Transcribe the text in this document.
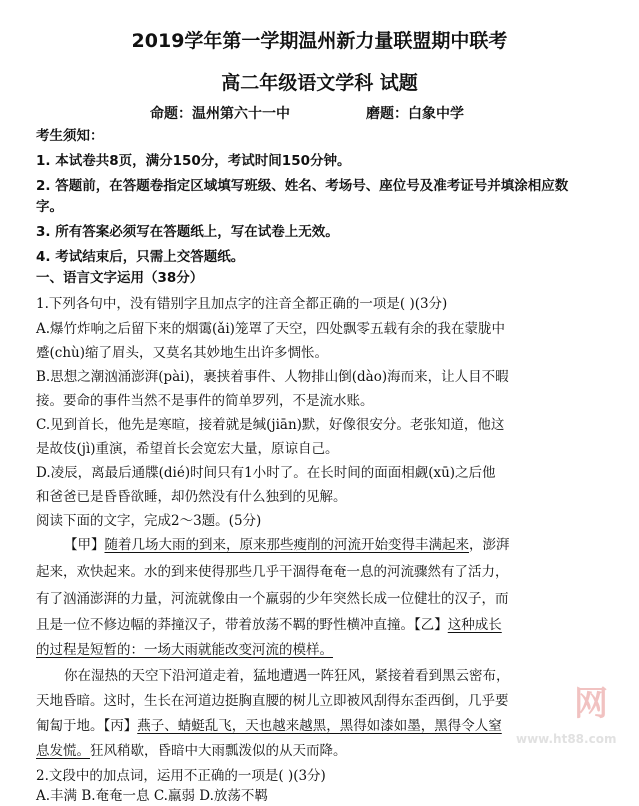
2019学年第一学期温州新力量联盟期中联考
高二年级语文学科 试题
命题：温州第六十一中	磨题：白象中学
考生须知：
1. 本试卷共8页，满分150分，考试时间150分钟。
2. 答题前，在答题卷指定区域填写班级、姓名、考场号、座位号及准考证号并填涂相应数
字。
3. 所有答案必须写在答题纸上，写在试卷上无效。
4. 考试结束后，只需上交答题纸。
一、语言文字运用（38分）
1.下列各句中，没有错别字且加点字的注音全都正确的一项是( )(3分)
A.爆竹炸响之后留下来的烟霭(ǎi)笼罩了天空，四处飘零五载有余的我在蒙胧中
蹙(chù)缩了眉头，又莫名其妙地生出许多惆怅。
B.思想之潮汹涌澎湃(pài)，裹挟着事件、人物排山倒(dào)海而来，让人目不暇
接。要命的事件当然不是事件的简单罗列，不是流水账。
C.见到首长，他先是寒暄，接着就是缄(jiān)默，好像很安分。老张知道，他这
是故伎(jì)重演，希望首长会宽宏大量，原谅自己。
D.凌辰，离最后通牒(dié)时间只有1小时了。在长时间的面面相觑(xū)之后他
和爸爸已是昏昏欲睡，却仍然没有什么独到的见解。
阅读下面的文字，完成2～3题。(5分)
【甲】随着几场大雨的到来，原来那些瘦削的河流开始变得丰满起来，澎湃
起来，欢快起来。水的到来使得那些几乎干涸得奄奄一息的河流骤然有了活力，
有了汹涌澎湃的力量，河流就像由一个羸弱的少年突然长成一位健壮的汉子，而
且是一位不修边幅的莽撞汉子，带着放荡不羁的野性横冲直撞。【乙】这种成长
的过程是短暂的：一场大雨就能改变河流的模样。
你在湿热的天空下沿河道走着，猛地遭遇一阵狂风，紧接着看到黑云密布，
天地昏暗。这时，生长在河道边挺胸直腰的树儿立即被风刮得东歪西倒，几乎要
匍匐于地。【丙】燕子、蜻蜓乱飞，天也越来越黑，黑得如漆如墨，黑得令人窒
息发慌。狂风稍歇，昏暗中大雨瓢泼似的从天而降。
2.文段中的加点词，运用不正确的一项是( )(3分)
A.丰满 B.奄奄一息 C.羸弱 D.放荡不羁
网
www.ht88.com
